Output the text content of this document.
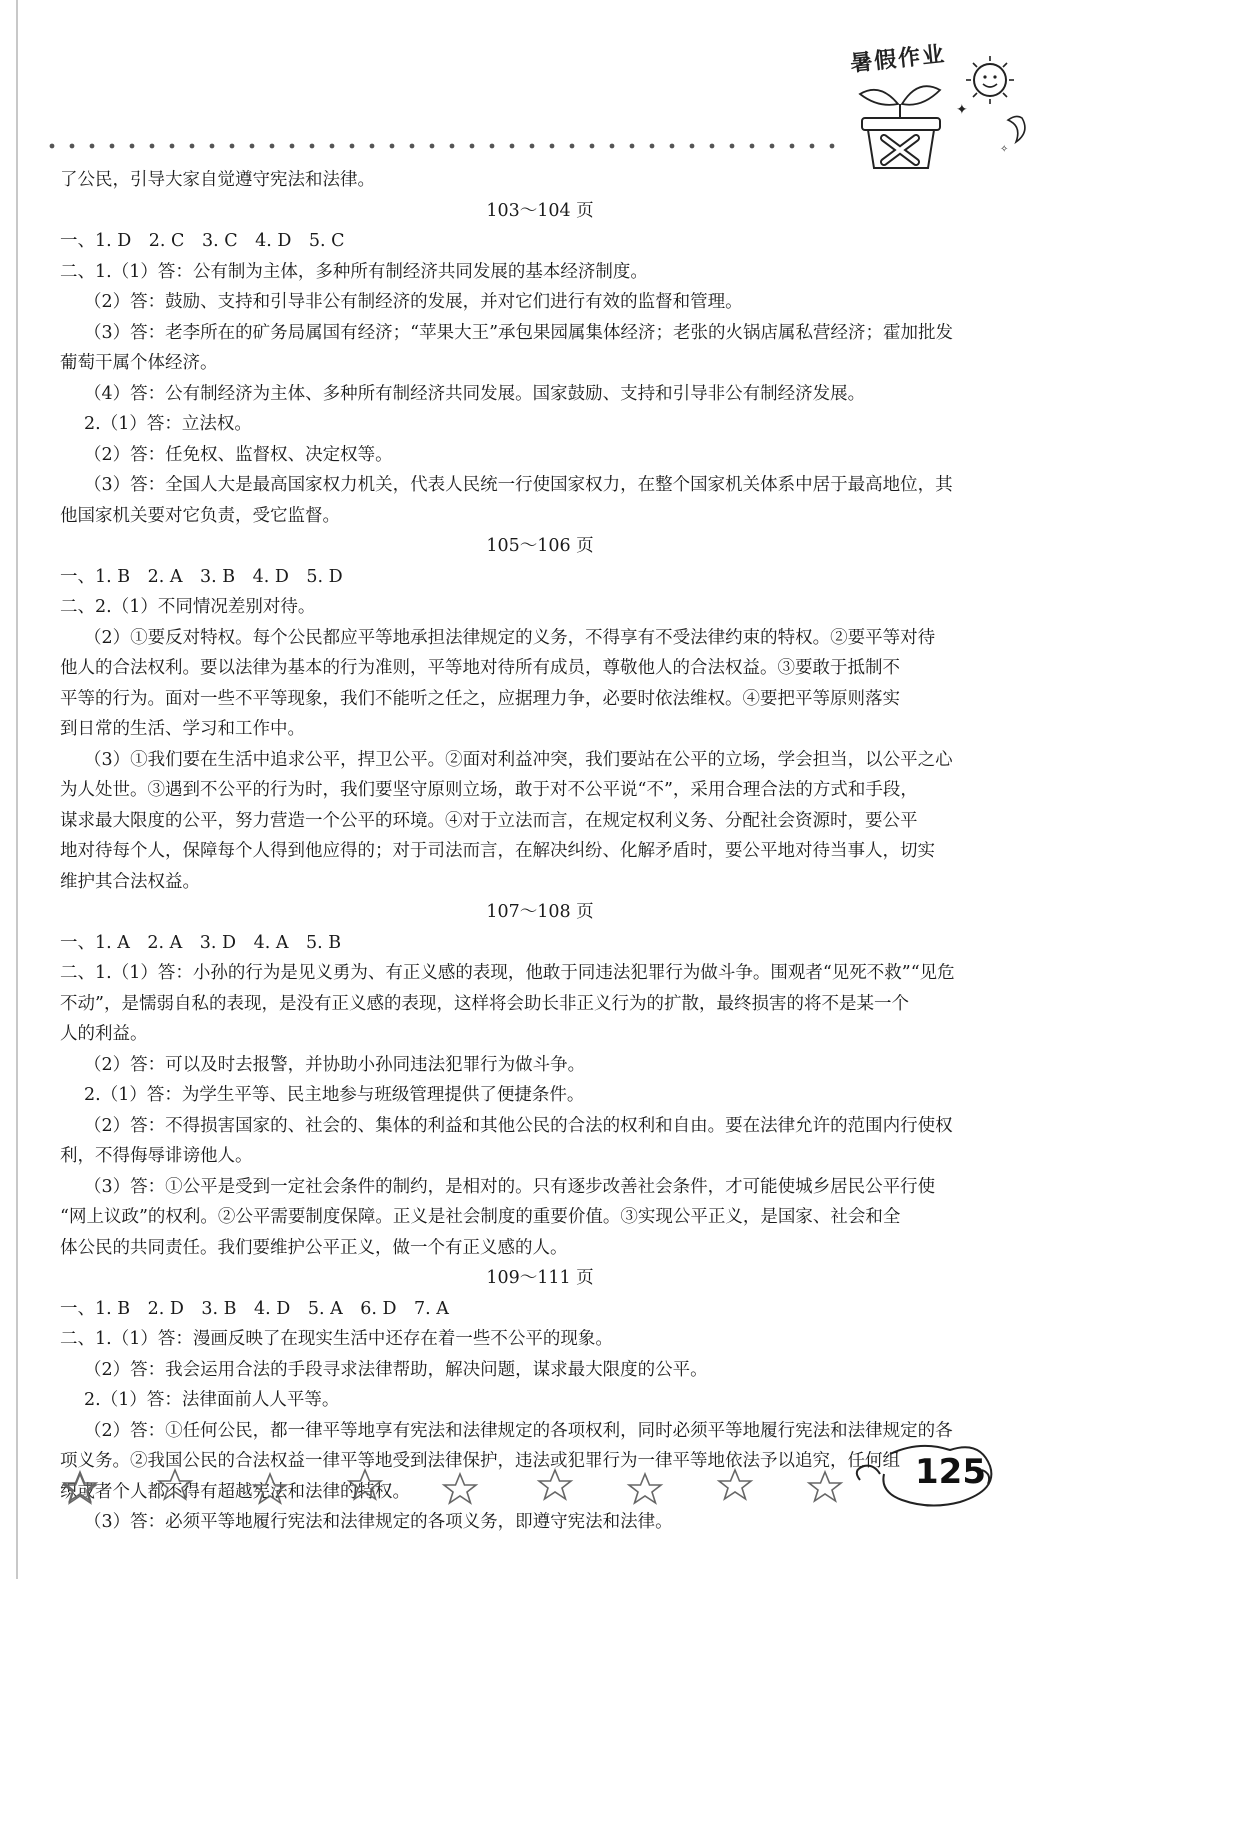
暑假作业
✦
✧
了公民，引导大家自觉遵守宪法和法律。
103～104 页
一、1. D　2. C　3. C　4. D　5. C
二、1.（1）答：公有制为主体，多种所有制经济共同发展的基本经济制度。
（2）答：鼓励、支持和引导非公有制经济的发展，并对它们进行有效的监督和管理。
（3）答：老李所在的矿务局属国有经济；“苹果大王”承包果园属集体经济；老张的火锅店属私营经济；霍加批发
葡萄干属个体经济。
（4）答：公有制经济为主体、多种所有制经济共同发展。国家鼓励、支持和引导非公有制经济发展。
2.（1）答：立法权。
（2）答：任免权、监督权、决定权等。
（3）答：全国人大是最高国家权力机关，代表人民统一行使国家权力，在整个国家机关体系中居于最高地位，其
他国家机关要对它负责，受它监督。
105～106 页
一、1. B　2. A　3. B　4. D　5. D
二、2.（1）不同情况差别对待。
（2）①要反对特权。每个公民都应平等地承担法律规定的义务，不得享有不受法律约束的特权。②要平等对待
他人的合法权利。要以法律为基本的行为准则，平等地对待所有成员，尊敬他人的合法权益。③要敢于抵制不
平等的行为。面对一些不平等现象，我们不能听之任之，应据理力争，必要时依法维权。④要把平等原则落实
到日常的生活、学习和工作中。
（3）①我们要在生活中追求公平，捍卫公平。②面对利益冲突，我们要站在公平的立场，学会担当，以公平之心
为人处世。③遇到不公平的行为时，我们要坚守原则立场，敢于对不公平说“不”，采用合理合法的方式和手段，
谋求最大限度的公平，努力营造一个公平的环境。④对于立法而言，在规定权利义务、分配社会资源时，要公平
地对待每个人，保障每个人得到他应得的；对于司法而言，在解决纠纷、化解矛盾时，要公平地对待当事人，切实
维护其合法权益。
107～108 页
一、1. A　2. A　3. D　4. A　5. B
二、1.（1）答：小孙的行为是见义勇为、有正义感的表现，他敢于同违法犯罪行为做斗争。围观者“见死不救”“见危
不动”，是懦弱自私的表现，是没有正义感的表现，这样将会助长非正义行为的扩散，最终损害的将不是某一个
人的利益。
（2）答：可以及时去报警，并协助小孙同违法犯罪行为做斗争。
2.（1）答：为学生平等、民主地参与班级管理提供了便捷条件。
（2）答：不得损害国家的、社会的、集体的利益和其他公民的合法的权利和自由。要在法律允许的范围内行使权
利，不得侮辱诽谤他人。
（3）答：①公平是受到一定社会条件的制约，是相对的。只有逐步改善社会条件，才可能使城乡居民公平行使
“网上议政”的权利。②公平需要制度保障。正义是社会制度的重要价值。③实现公平正义，是国家、社会和全
体公民的共同责任。我们要维护公平正义，做一个有正义感的人。
109～111 页
一、1. B　2. D　3. B　4. D　5. A　6. D　7. A
二、1.（1）答：漫画反映了在现实生活中还存在着一些不公平的现象。
（2）答：我会运用合法的手段寻求法律帮助，解决问题，谋求最大限度的公平。
2.（1）答：法律面前人人平等。
（2）答：①任何公民，都一律平等地享有宪法和法律规定的各项权利，同时必须平等地履行宪法和法律规定的各
项义务。②我国公民的合法权益一律平等地受到法律保护，违法或犯罪行为一律平等地依法予以追究，任何组
织或者个人都不得有超越宪法和法律的特权。
（3）答：必须平等地履行宪法和法律规定的各项义务，即遵守宪法和法律。
125
